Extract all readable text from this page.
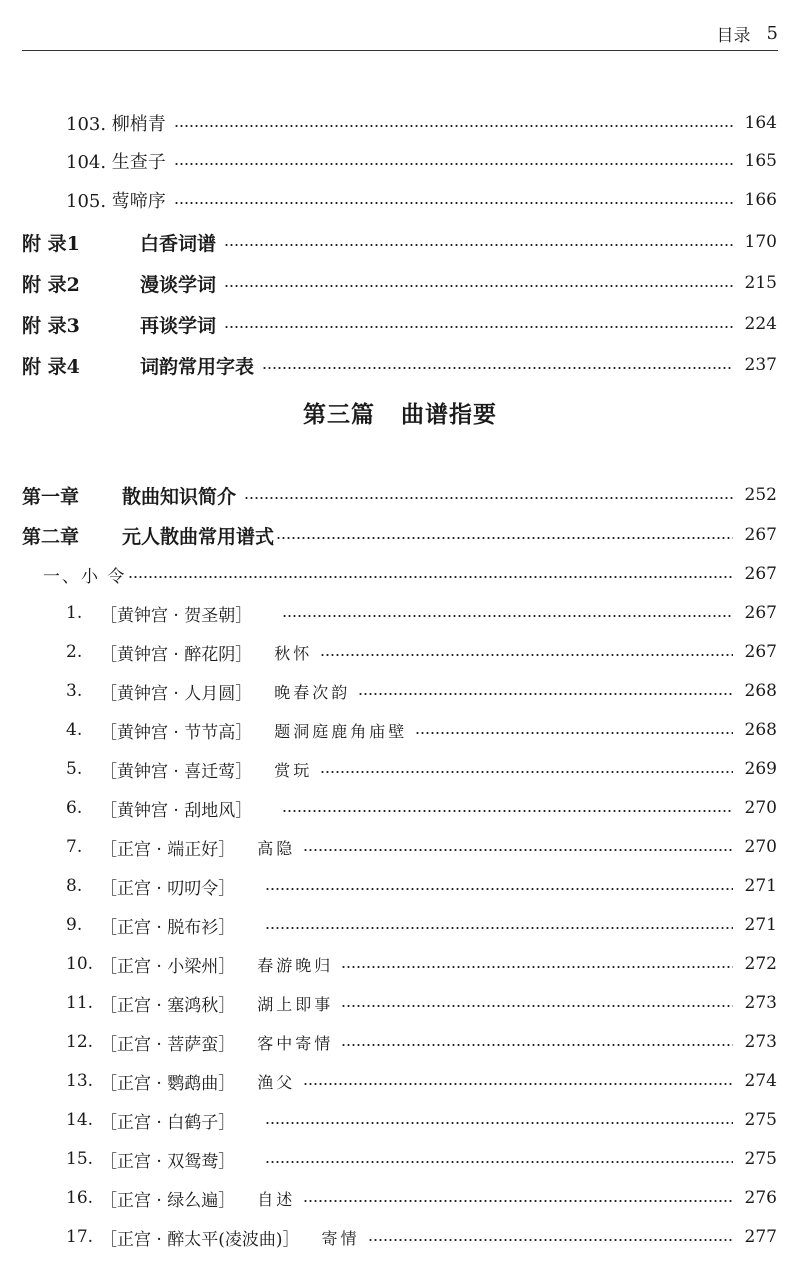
目录 5
103. 柳梢青	164
104. 生查子	165
105. 莺啼序	166
附 录1	白香词谱	170
附 录2	漫谈学词	215
附 录3	再谈学词	224
附 录4	词韵常用字表	237
第三篇 曲谱指要
第一章	散曲知识简介	252
第二章	元人散曲常用谱式	267
一、小 令	267
1.	［黄钟宫 · 贺圣朝］	267
2.	［黄钟宫 · 醉花阴］ 秋怀	267
3.	［黄钟宫 · 人月圆］ 晚春次韵	268
4.	［黄钟宫 · 节节高］ 题洞庭鹿角庙壁	268
5.	［黄钟宫 · 喜迁莺］ 赏玩	269
6.	［黄钟宫 · 刮地风］	270
7.	［正宫 · 端正好］ 高隐	270
8.	［正宫 · 叨叨令］	271
9.	［正宫 · 脱布衫］	271
10. ［正宫 · 小梁州］ 春游晚归	272
11. ［正宫 · 塞鸿秋］ 湖上即事	273
12. ［正宫 · 菩萨蛮］ 客中寄情	273
13. ［正宫 · 鹦鹉曲］ 渔父	274
14. ［正宫 · 白鹤子］	275
15. ［正宫 · 双鸳鸯］	275
16. ［正宫 · 绿么遍］ 自述	276
17. ［正宫 · 醉太平(凌波曲)］ 寄情	277
